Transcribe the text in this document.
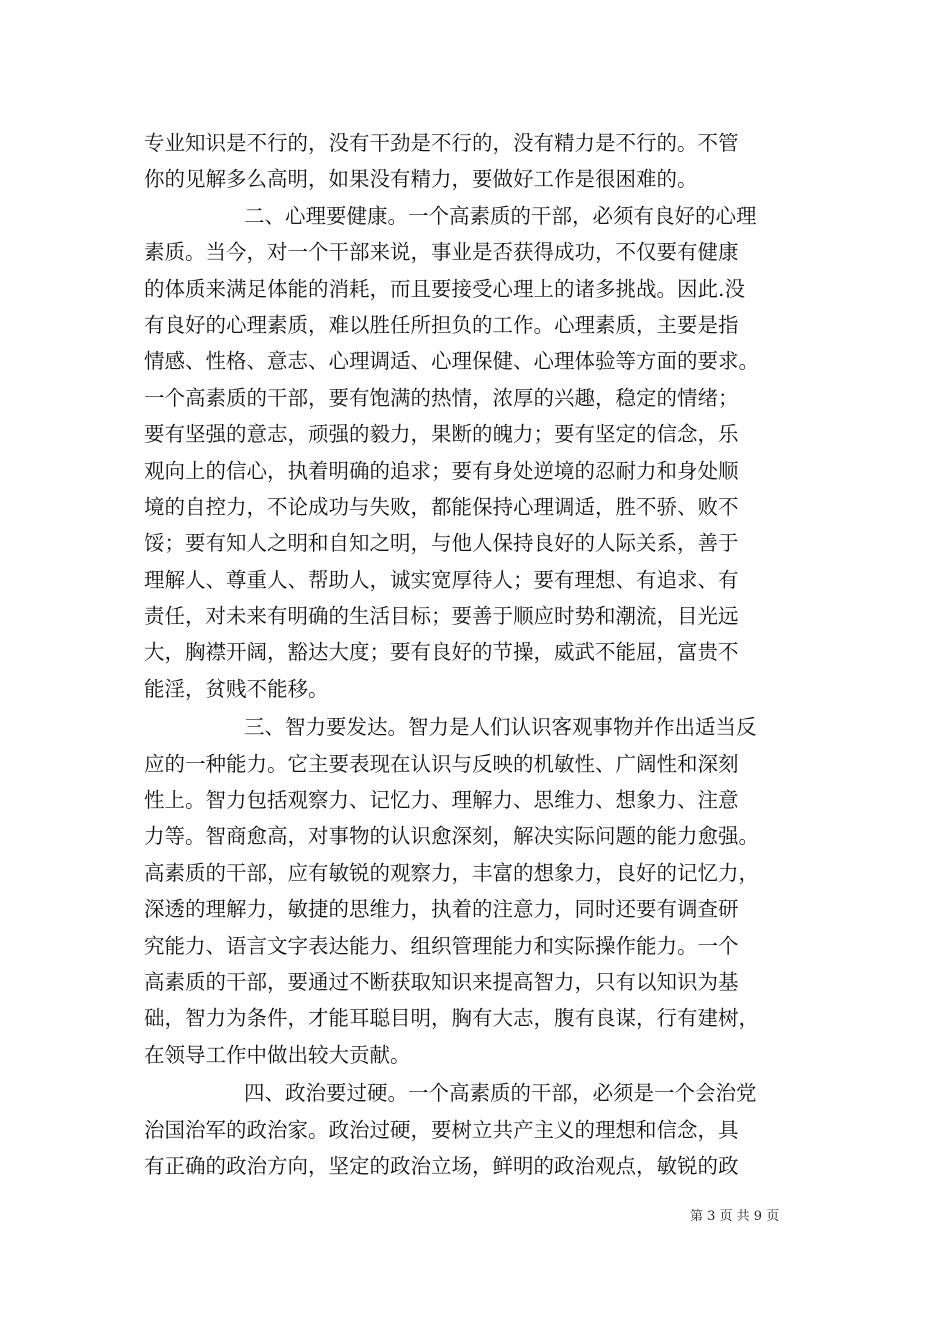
专业知识是不行的，没有干劲是不行的，没有精力是不行的。不管
你的见解多么高明，如果没有精力，要做好工作是很困难的。
二、心理要健康。一个高素质的干部，必须有良好的心理
素质。当今，对一个干部来说，事业是否获得成功，不仅要有健康
的体质来满足体能的消耗，而且要接受心理上的诸多挑战。因此.没
有良好的心理素质，难以胜任所担负的工作。心理素质，主要是指
情感、性格、意志、心理调适、心理保健、心理体验等方面的要求。
一个高素质的干部，要有饱满的热情，浓厚的兴趣，稳定的情绪；
要有坚强的意志，顽强的毅力，果断的魄力；要有坚定的信念，乐
观向上的信心，执着明确的追求；要有身处逆境的忍耐力和身处顺
境的自控力，不论成功与失败，都能保持心理调适，胜不骄、败不
馁；要有知人之明和自知之明，与他人保持良好的人际关系，善于
理解人、尊重人、帮助人，诚实宽厚待人；要有理想、有追求、有
责任，对未来有明确的生活目标；要善于顺应时势和潮流，目光远
大，胸襟开阔，豁达大度；要有良好的节操，威武不能屈，富贵不
能淫，贫贱不能移。
三、智力要发达。智力是人们认识客观事物并作出适当反
应的一种能力。它主要表现在认识与反映的机敏性、广阔性和深刻
性上。智力包括观察力、记忆力、理解力、思维力、想象力、注意
力等。智商愈高，对事物的认识愈深刻，解决实际问题的能力愈强。
高素质的干部，应有敏锐的观察力，丰富的想象力，良好的记忆力，
深透的理解力，敏捷的思维力，执着的注意力，同时还要有调查研
究能力、语言文字表达能力、组织管理能力和实际操作能力。一个
高素质的干部，要通过不断获取知识来提高智力，只有以知识为基
础，智力为条件，才能耳聪目明，胸有大志，腹有良谋，行有建树，
在领导工作中做出较大贡献。
四、政治要过硬。一个高素质的干部，必须是一个会治党
治国治军的政治家。政治过硬，要树立共产主义的理想和信念，具
有正确的政治方向，坚定的政治立场，鲜明的政治观点，敏锐的政
第 3 页 共 9 页
